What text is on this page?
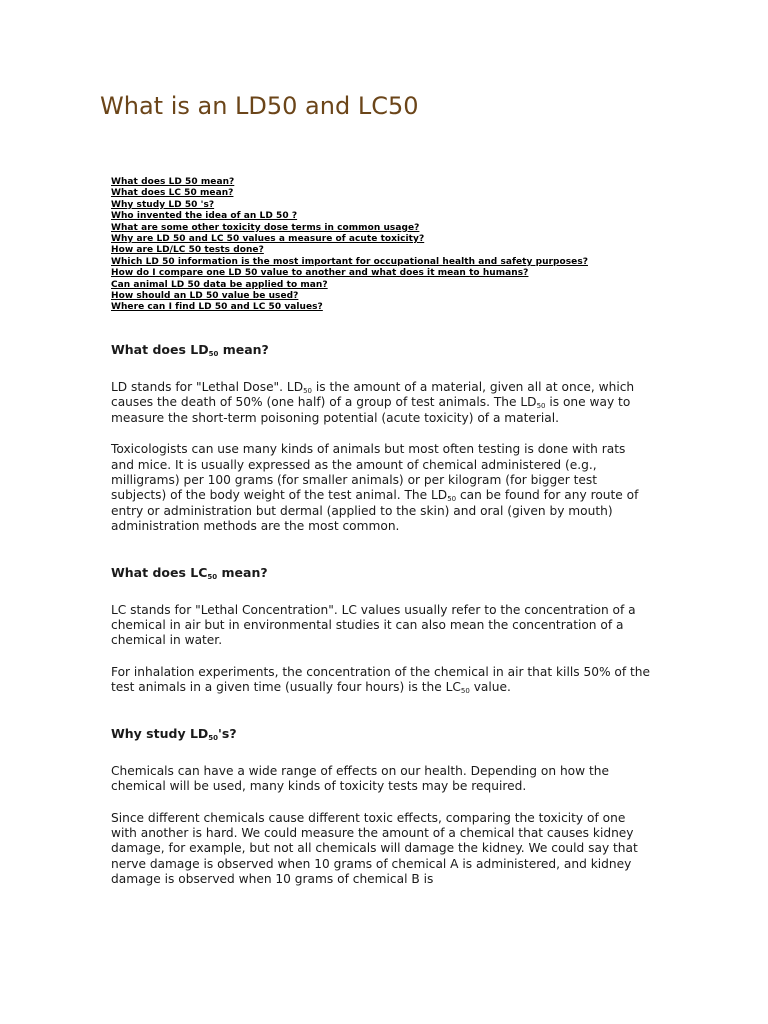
What is an LD50 and LC50
What does LD 50 mean?
What does LC 50 mean?
Why study LD 50 's?
Who invented the idea of an LD 50 ?
What are some other toxicity dose terms in common usage?
Why are LD 50 and LC 50 values a measure of acute toxicity?
How are LD/LC 50 tests done?
Which LD 50 information is the most important for occupational health and safety purposes?
How do I compare one LD 50 value to another and what does it mean to humans?
Can animal LD 50 data be applied to man?
How should an LD 50 value be used?
Where can I find LD 50 and LC 50 values?
What does $LD_{50}$ mean?

LD stands for "Lethal Dose". $LD_{50}$ is the amount of a material, given all at once, which causes the death of 50% (one half) of a group of test animals. The $LD_{50}$ is one way to measure the short-term poisoning potential (acute toxicity) of a material.

Toxicologists can use many kinds of animals but most often testing is done with rats and mice. It is usually expressed as the amount of chemical administered (e.g., milligrams) per 100 grams (for smaller animals) or per kilogram (for bigger test subjects) of the body weight of the test animal. The $LD_{50}$ can be found for any route of entry or administration but dermal (applied to the skin) and oral (given by mouth) administration methods are the most common.

What does $LC_{50}$ mean?

LC stands for "Lethal Concentration". LC values usually refer to the concentration of a chemical in air but in environmental studies it can also mean the concentration of a chemical in water.

For inhalation experiments, the concentration of the chemical in air that kills 50% of the test animals in a given time (usually four hours) is the $LC_{50}$ value.

Why study $LD_{50}'s$?

Chemicals can have a wide range of effects on our health. Depending on how the chemical will be used, many kinds of toxicity tests may be required.

Since different chemicals cause different toxic effects, comparing the toxicity of one with another is hard. We could measure the amount of a chemical that causes kidney damage, for example, but not all chemicals will damage the kidney. We could say that nerve damage is observed when 10 grams of chemical A is administered, and kidney damage is observed when 10 grams of chemical B is
